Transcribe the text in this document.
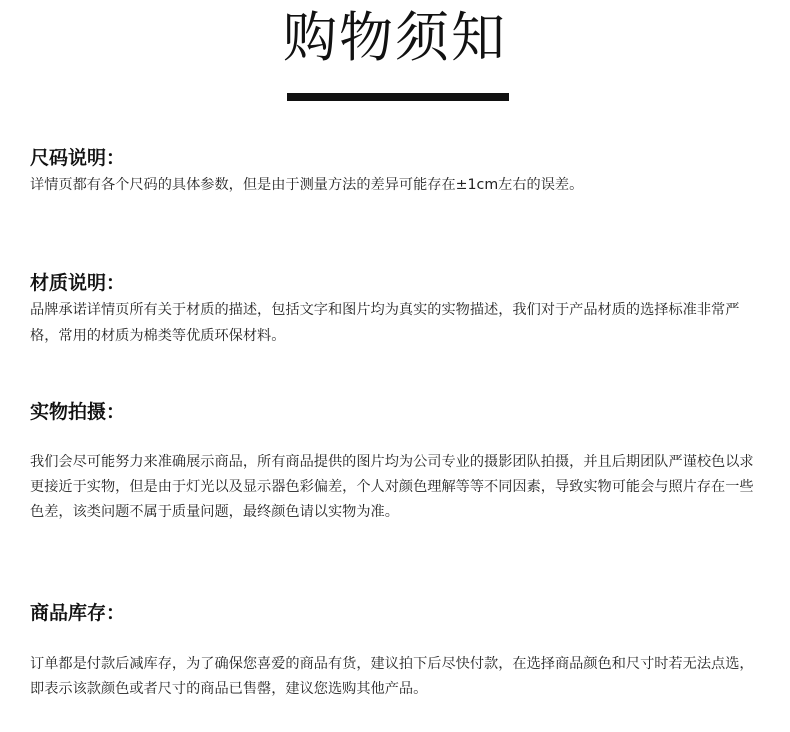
购物须知
尺码说明：
详情页都有各个尺码的具体参数，但是由于测量方法的差异可能存在±1cm左右的误差。
材质说明：
品牌承诺详情页所有关于材质的描述，包括文字和图片均为真实的实物描述，我们对于产品材质的选择标准非常严格，常用的材质为棉类等优质环保材料。
实物拍摄：
我们会尽可能努力来准确展示商品，所有商品提供的图片均为公司专业的摄影团队拍摄，并且后期团队严谨校色以求更接近于实物，但是由于灯光以及显示器色彩偏差，个人对颜色理解等等不同因素，导致实物可能会与照片存在一些色差，该类问题不属于质量问题，最终颜色请以实物为准。
商品库存：
订单都是付款后减库存，为了确保您喜爱的商品有货，建议拍下后尽快付款，在选择商品颜色和尺寸时若无法点选，即表示该款颜色或者尺寸的商品已售罄，建议您选购其他产品。
